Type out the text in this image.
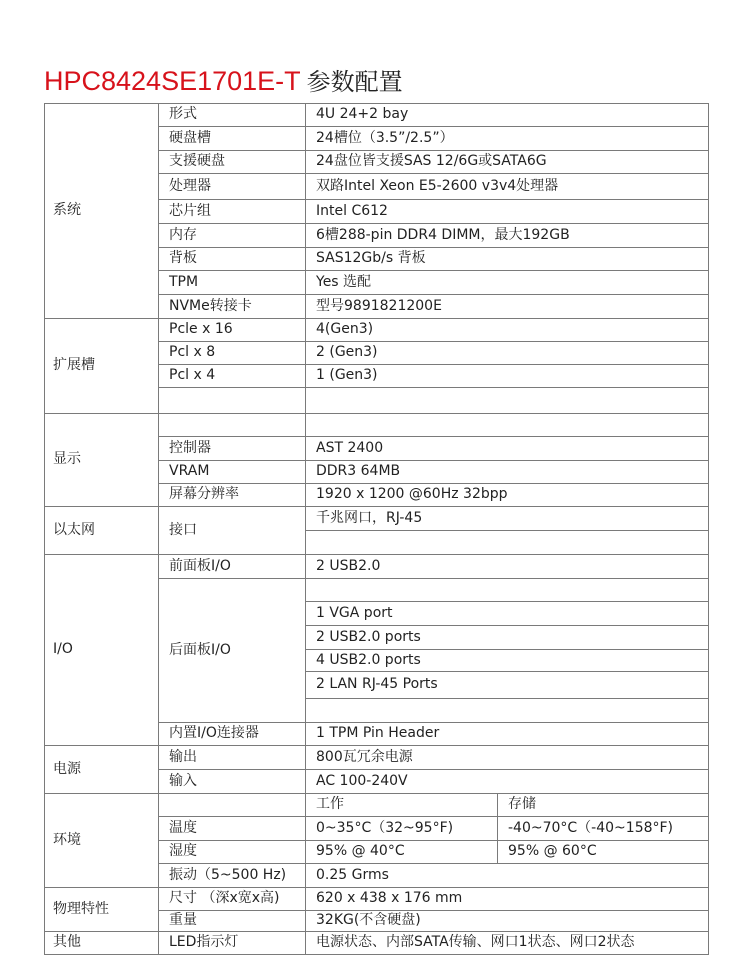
HPC8424SE1701E-T 参数配置
系统	形式	4U 24+2 bay	
	硬盘槽	24槽位（3.5”/2.5”）	
	支援硬盘	24盘位皆支援SAS 12/6G或SATA6G	
	处理器	双路Intel Xeon E5-2600 v3v4处理器	
	芯片组	Intel C612	
	内存	6槽288-pin DDR4 DIMM，最大192GB	
	背板	SAS12Gb/s 背板	
	TPM	Yes 选配	
	NVMe转接卡	型号9891821200E	
扩展槽	Pcle x 16	4(Gen3)	
	Pcl x 8	2 (Gen3)	
	Pcl x 4	1 (Gen3)	

显示			
	控制器	AST 2400	
	VRAM	DDR3 64MB	
	屏幕分辨率	1920 x 1200 @60Hz 32bpp	
以太网	接口	千兆网口，RJ-45	

I/O	前面板I/O	2 USB2.0	
	后面板I/O		
		1 VGA port	
		2 USB2.0 ports	
		4 USB2.0 ports	
		2 LAN RJ-45 Ports	

	内置I/O连接器	1 TPM Pin Header	
电源	输出	800瓦冗余电源	
	输入	AC 100-240V	
环境		工作	存储
	温度	0~35°C（32~95°F)	-40~70°C（-40~158°F)
	湿度	95% @ 40°C	95% @ 60°C
	振动（5~500 Hz)	0.25 Grms	
物理特性	尺寸 （深x宽x高)	620 x 438 x 176 mm	
	重量	32KG(不含硬盘)	
其他	LED指示灯	电源状态、内部SATA传输、网口1状态、网口2状态	
